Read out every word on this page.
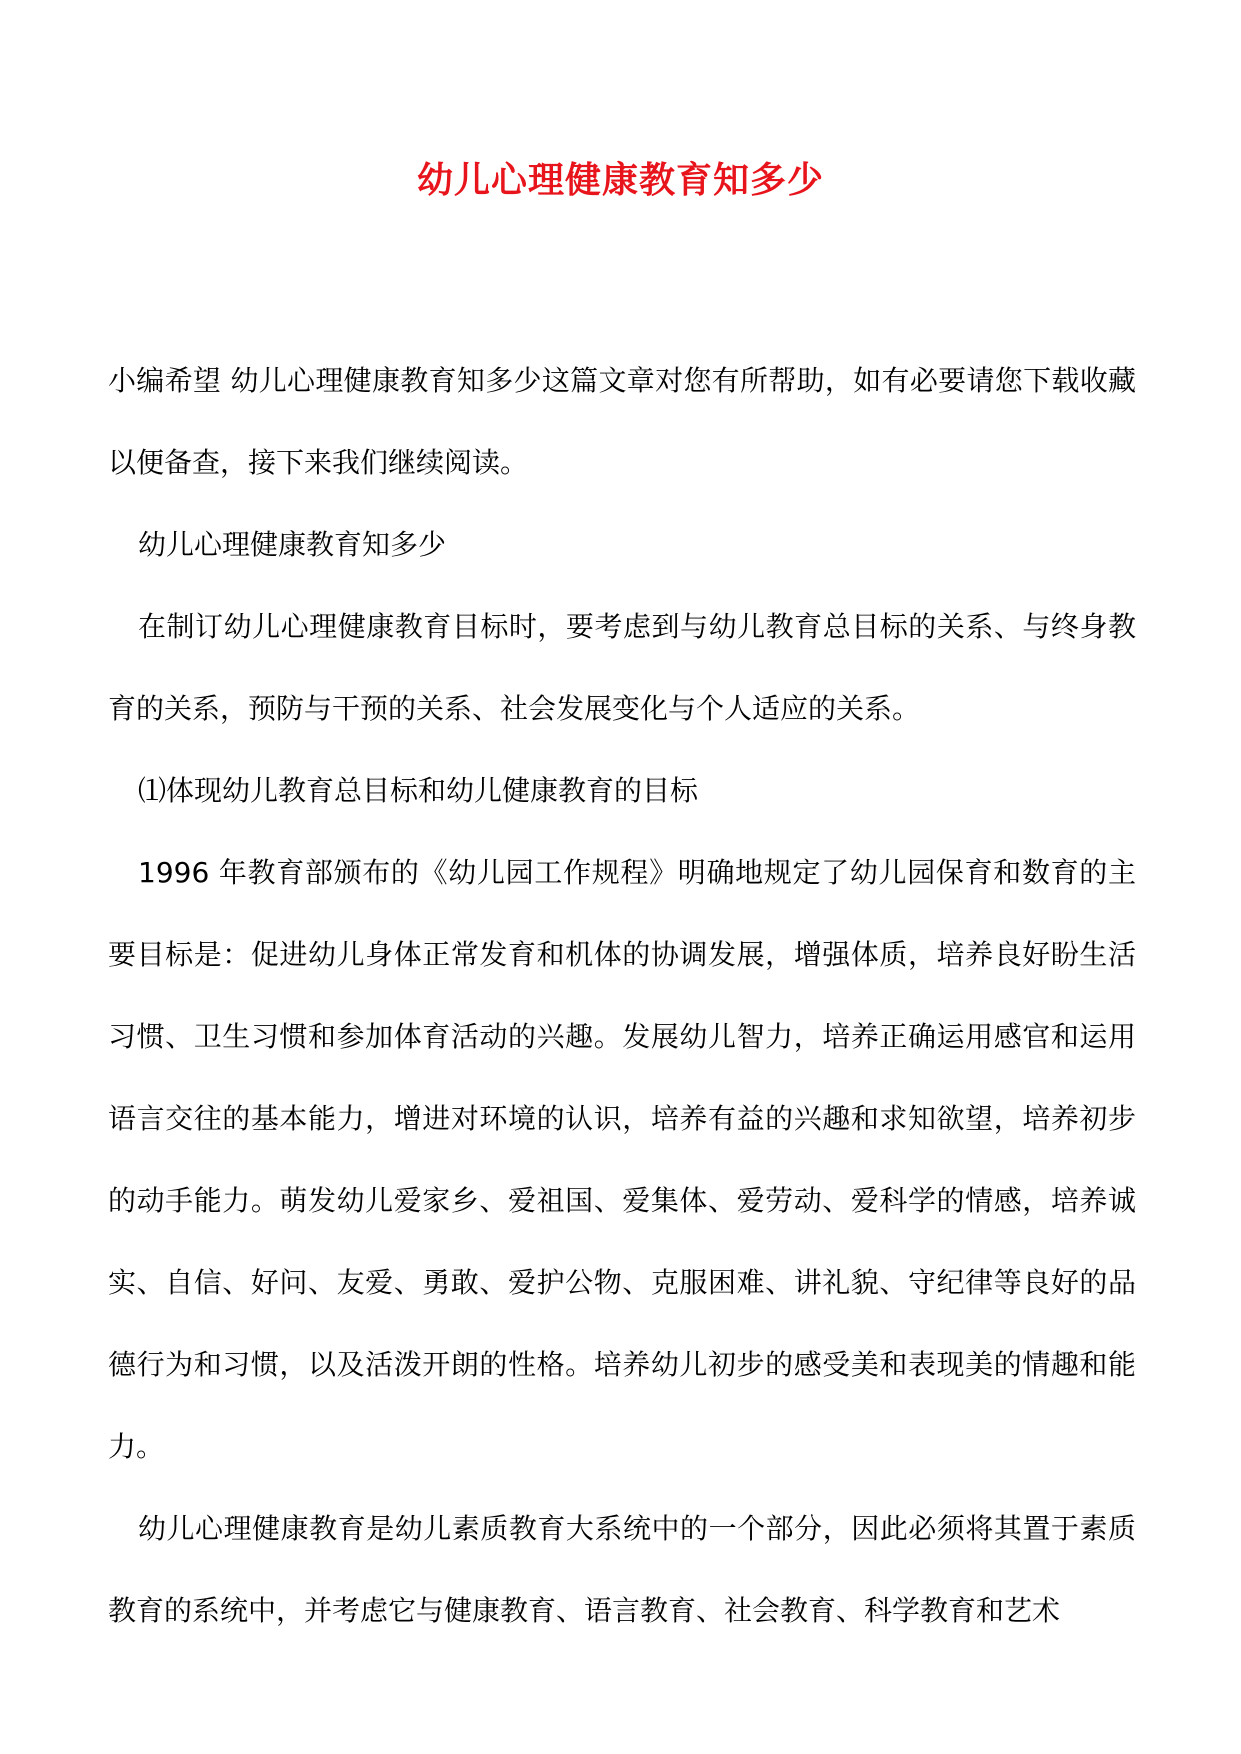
幼儿心理健康教育知多少

小编希望 幼儿心理健康教育知多少这篇文章对您有所帮助，如有必要请您下载收藏以便备查，接下来我们继续阅读。

幼儿心理健康教育知多少

在制订幼儿心理健康教育目标时，要考虑到与幼儿教育总目标的关系、与终身教育的关系，预防与干预的关系、社会发展变化与个人适应的关系。

⑴体现幼儿教育总目标和幼儿健康教育的目标

1996 年教育部颁布的《幼儿园工作规程》明确地规定了幼儿园保育和数育的主要目标是：促进幼儿身体正常发育和机体的协调发展，增强体质，培养良好盼生活习惯、卫生习惯和参加体育活动的兴趣。发展幼儿智力，培养正确运用感官和运用语言交往的基本能力，增进对环境的认识，培养有益的兴趣和求知欲望，培养初步的动手能力。萌发幼儿爱家乡、爱祖国、爱集体、爱劳动、爱科学的情感，培养诚实、自信、好问、友爱、勇敢、爱护公物、克服困难、讲礼貌、守纪律等良好的品德行为和习惯，以及活泼开朗的性格。培养幼儿初步的感受美和表现美的情趣和能力。

幼儿心理健康教育是幼儿素质教育大系统中的一个部分，因此必须将其置于素质教育的系统中，并考虑它与健康教育、语言教育、社会教育、科学教育和艺术
